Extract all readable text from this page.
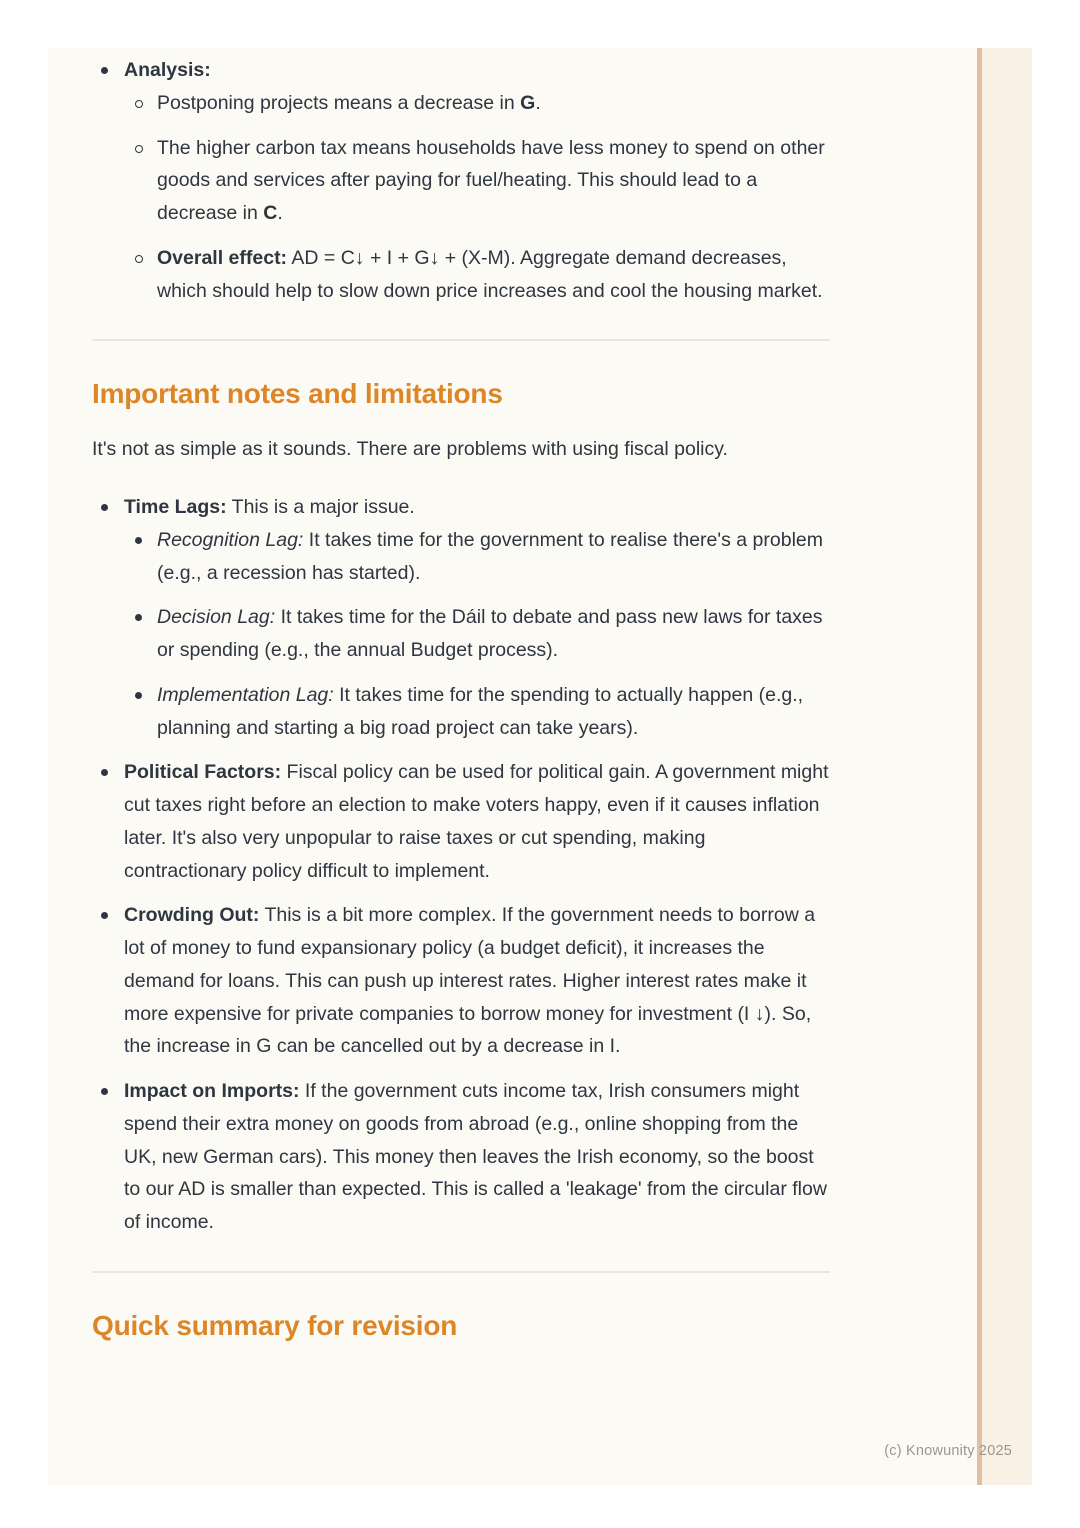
Analysis:
Postponing projects means a decrease in G.
The higher carbon tax means households have less money to spend on other goods and services after paying for fuel/heating. This should lead to a decrease in C.
Overall effect: AD = C↓ + I + G↓ + (X-M). Aggregate demand decreases, which should help to slow down price increases and cool the housing market.
Important notes and limitations

It's not as simple as it sounds. There are problems with using fiscal policy.

Time Lags: This is a major issue.
Recognition Lag: It takes time for the government to realise there's a problem (e.g., a recession has started).
Decision Lag: It takes time for the Dáil to debate and pass new laws for taxes or spending (e.g., the annual Budget process).
Implementation Lag: It takes time for the spending to actually happen (e.g., planning and starting a big road project can take years).
Political Factors: Fiscal policy can be used for political gain. A government might cut taxes right before an election to make voters happy, even if it causes inflation later. It's also very unpopular to raise taxes or cut spending, making contractionary policy difficult to implement.
Crowding Out: This is a bit more complex. If the government needs to borrow a lot of money to fund expansionary policy (a budget deficit), it increases the demand for loans. This can push up interest rates. Higher interest rates make it more expensive for private companies to borrow money for investment (I ↓). So, the increase in G can be cancelled out by a decrease in I.
Impact on Imports: If the government cuts income tax, Irish consumers might spend their extra money on goods from abroad (e.g., online shopping from the UK, new German cars). This money then leaves the Irish economy, so the boost to our AD is smaller than expected. This is called a 'leakage' from the circular flow of income.
Quick summary for revision
(c) Knowunity 2025
